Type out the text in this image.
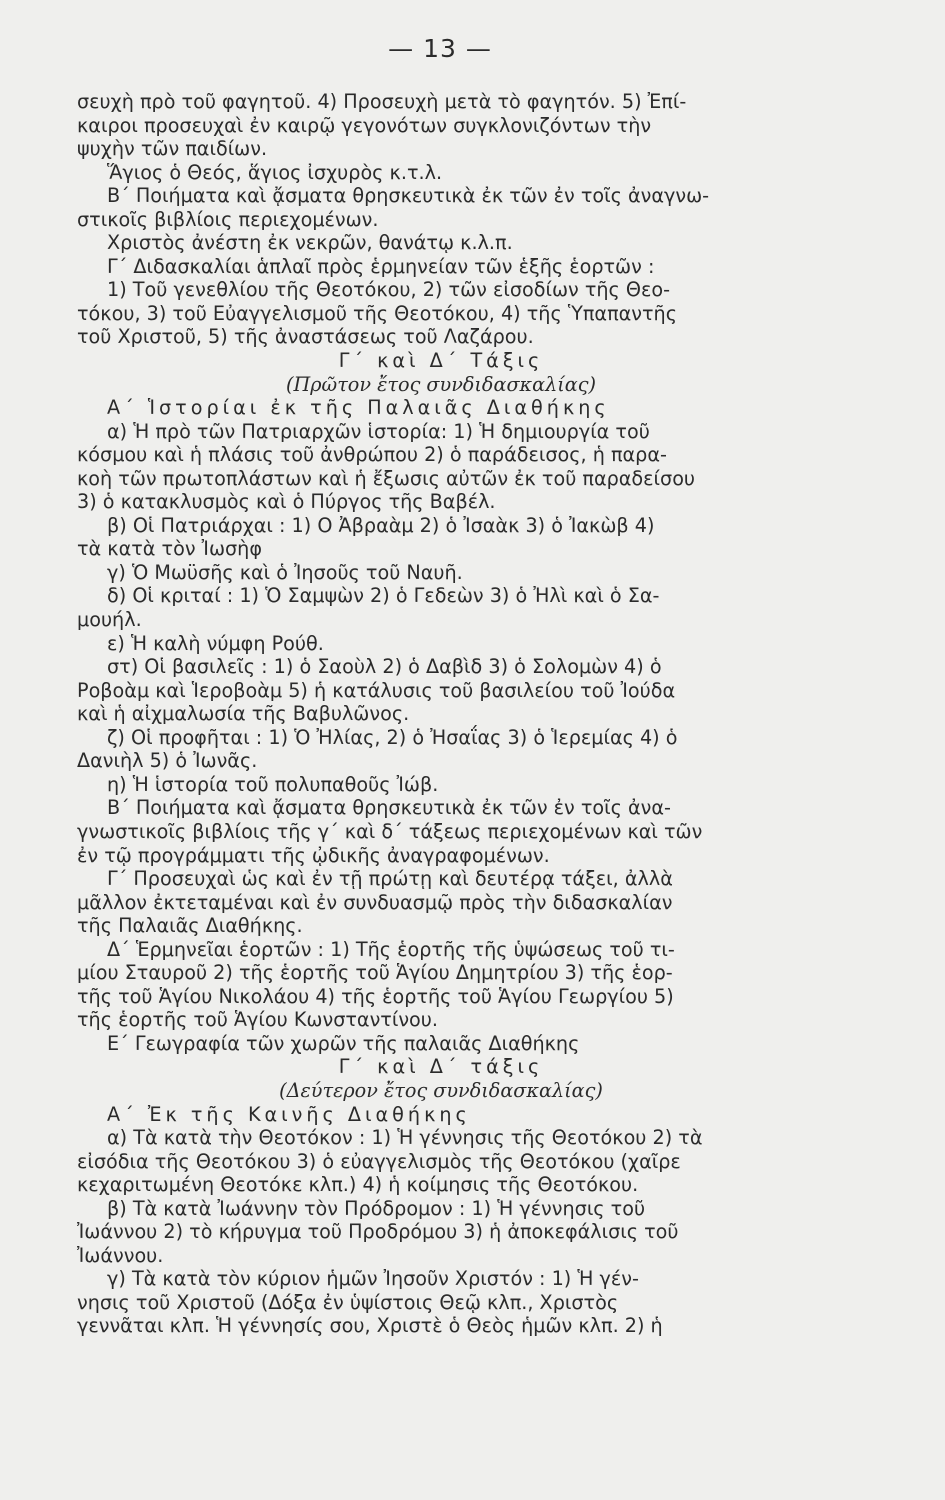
— 13 —
σευχὴ πρὸ τοῦ φαγητοῦ. 4) Προσευχὴ μετὰ τὸ φαγητόν. 5) Ἐπί-
καιροι προσευχαὶ ἐν καιρῷ γεγονότων συγκλονιζόντων τὴν
ψυχὴν τῶν παιδίων.
Ἅγιος ὁ Θεός, ἅγιος ἰσχυρὸς κ.τ.λ.
Β´ Ποιήματα καὶ ᾄσματα θρησκευτικὰ ἐκ τῶν ἐν τοῖς ἀναγνω-
στικοῖς βιβλίοις περιεχομένων.
Χριστὸς ἀνέστη ἐκ νεκρῶν, θανάτῳ κ.λ.π.
Γ´ Διδασκαλίαι ἁπλαῖ πρὸς ἑρμηνείαν τῶν ἑξῆς ἑορτῶν :
1) Τοῦ γενεθλίου τῆς Θεοτόκου, 2) τῶν εἰσοδίων τῆς Θεο-
τόκου, 3) τοῦ Εὐαγγελισμοῦ τῆς Θεοτόκου, 4) τῆς Ὑπαπαντῆς
τοῦ Χριστοῦ, 5) τῆς ἀναστάσεως τοῦ Λαζάρου.
Γ´ καὶ Δ´ Τάξις
(Πρῶτον ἔτος συνδιδασκαλίας)
Α´ Ἱστορίαι ἐκ τῆς Παλαιᾶς Διαθήκης
α) Ἡ πρὸ τῶν Πατριαρχῶν ἱστορία: 1) Ἡ δημιουργία τοῦ
κόσμου καὶ ἡ πλάσις τοῦ ἀνθρώπου 2) ὁ παράδεισος, ἡ παρα-
κοὴ τῶν πρωτοπλάστων καὶ ἡ ἔξωσις αὐτῶν ἐκ τοῦ παραδείσου
3) ὁ κατακλυσμὸς καὶ ὁ Πύργος τῆς Βαβέλ.
β) Οἱ Πατριάρχαι : 1) Ο Ἀβραὰμ 2) ὁ Ἰσαὰκ 3) ὁ Ἰακὼβ 4)
τὰ κατὰ τὸν Ἰωσὴφ
γ) Ὁ Μωϋσῆς καὶ ὁ Ἰησοῦς τοῦ Ναυῆ.
δ) Οἱ κριταί : 1) Ὁ Σαμψὼν 2) ὁ Γεδεὼν 3) ὁ Ἠλὶ καὶ ὁ Σα-
μουήλ.
ε) Ἡ καλὴ νύμφη Ρούθ.
στ) Οἱ βασιλεῖς : 1) ὁ Σαοὺλ 2) ὁ Δαβὶδ 3) ὁ Σολομὼν 4) ὁ
Ροβοὰμ καὶ Ἱεροβοὰμ 5) ἡ κατάλυσις τοῦ βασιλείου τοῦ Ἰούδα
καὶ ἡ αἰχμαλωσία τῆς Βαβυλῶνος.
ζ) Οἱ προφῆται : 1) Ὁ Ἠλίας, 2) ὁ Ἠσαΐας 3) ὁ Ἱερεμίας 4) ὁ
Δανιὴλ 5) ὁ Ἰωνᾶς.
η) Ἡ ἱστορία τοῦ πολυπαθοῦς Ἰώβ.
Β´ Ποιήματα καὶ ᾄσματα θρησκευτικὰ ἐκ τῶν ἐν τοῖς ἀνα-
γνωστικοῖς βιβλίοις τῆς γ´ καὶ δ´ τάξεως περιεχομένων καὶ τῶν
ἐν τῷ προγράμματι τῆς ᾠδικῆς ἀναγραφομένων.
Γ´ Προσευχαὶ ὡς καὶ ἐν τῇ πρώτῃ καὶ δευτέρᾳ τάξει, ἀλλὰ
μᾶλλον ἐκτεταμέναι καὶ ἐν συνδυασμῷ πρὸς τὴν διδασκαλίαν
τῆς Παλαιᾶς Διαθήκης.
Δ´ Ἑρμηνεῖαι ἑορτῶν : 1) Τῆς ἑορτῆς τῆς ὑψώσεως τοῦ τι-
μίου Σταυροῦ 2) τῆς ἑορτῆς τοῦ Ἁγίου Δημητρίου 3) τῆς ἑορ-
τῆς τοῦ Ἁγίου Νικολάου 4) τῆς ἑορτῆς τοῦ Ἁγίου Γεωργίου 5)
τῆς ἑορτῆς τοῦ Ἁγίου Κωνσταντίνου.
Ε´ Γεωγραφία τῶν χωρῶν τῆς παλαιᾶς Διαθήκης
Γ´ καὶ Δ´ τάξις
(Δεύτερον ἔτος συνδιδασκαλίας)
Α´ Ἐκ τῆς Καινῆς Διαθήκης
α) Τὰ κατὰ τὴν Θεοτόκον : 1) Ἡ γέννησις τῆς Θεοτόκου 2) τὰ
εἰσόδια τῆς Θεοτόκου 3) ὁ εὐαγγελισμὸς τῆς Θεοτόκου (χαῖρε
κεχαριτωμένη Θεοτόκε κλπ.) 4) ἡ κοίμησις τῆς Θεοτόκου.
β) Τὰ κατὰ Ἰωάννην τὸν Πρόδρομον : 1) Ἡ γέννησις τοῦ
Ἰωάννου 2) τὸ κήρυγμα τοῦ Προδρόμου 3) ἡ ἀποκεφάλισις τοῦ
Ἰωάννου.
γ) Τὰ κατὰ τὸν κύριον ἡμῶν Ἰησοῦν Χριστόν : 1) Ἡ γέν-
νησις τοῦ Χριστοῦ (Δόξα ἐν ὑψίστοις Θεῷ κλπ., Χριστὸς
γεννᾶται κλπ. Ἡ γέννησίς σου, Χριστὲ ὁ Θεὸς ἡμῶν κλπ. 2) ἡ
